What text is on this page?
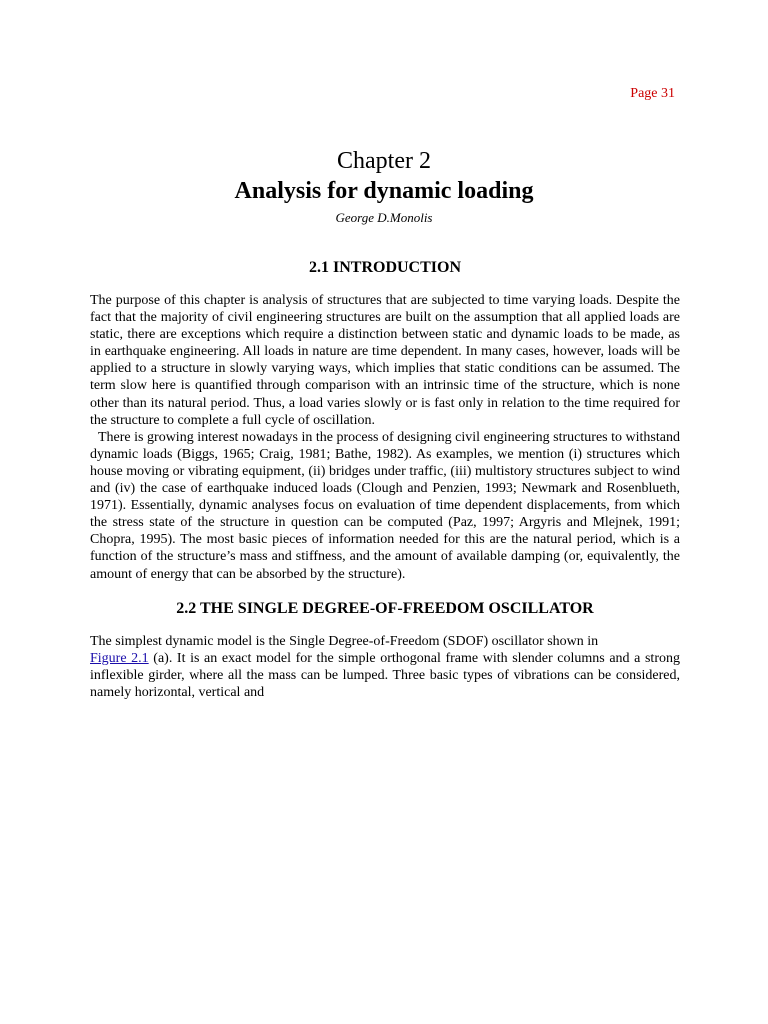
Page 31
Chapter 2
Analysis for dynamic loading
George D.Monolis
2.1 INTRODUCTION

The purpose of this chapter is analysis of structures that are subjected to time varying loads. Despite the fact that the majority of civil engineering structures are built on the assumption that all applied loads are static, there are exceptions which require a distinction between static and dynamic loads to be made, as in earthquake engineering. All loads in nature are time dependent. In many cases, however, loads will be applied to a structure in slowly varying ways, which implies that static conditions can be assumed. The term slow here is quantified through comparison with an intrinsic time of the structure, which is none other than its natural period. Thus, a load varies slowly or is fast only in relation to the time required for the structure to complete a full cycle of oscillation.

There is growing interest nowadays in the process of designing civil engineering structures to withstand dynamic loads (Biggs, 1965; Craig, 1981; Bathe, 1982). As examples, we mention (i) structures which house moving or vibrating equipment, (ii) bridges under traffic, (iii) multistory structures subject to wind and (iv) the case of earthquake induced loads (Clough and Penzien, 1993; Newmark and Rosenblueth, 1971). Essentially, dynamic analyses focus on evaluation of time dependent displacements, from which the stress state of the structure in question can be computed (Paz, 1997; Argyris and Mlejnek, 1991; Chopra, 1995). The most basic pieces of information needed for this are the natural period, which is a function of the structure’s mass and stiffness, and the amount of available damping (or, equivalently, the amount of energy that can be absorbed by the structure).

2.2 THE SINGLE DEGREE-OF-FREEDOM OSCILLATOR

The simplest dynamic model is the Single Degree-of-Freedom (SDOF) oscillator shown in
Figure 2.1 (a). It is an exact model for the simple orthogonal frame with slender columns and a strong inflexible girder, where all the mass can be lumped. Three basic types of vibrations can be considered, namely horizontal, vertical and
